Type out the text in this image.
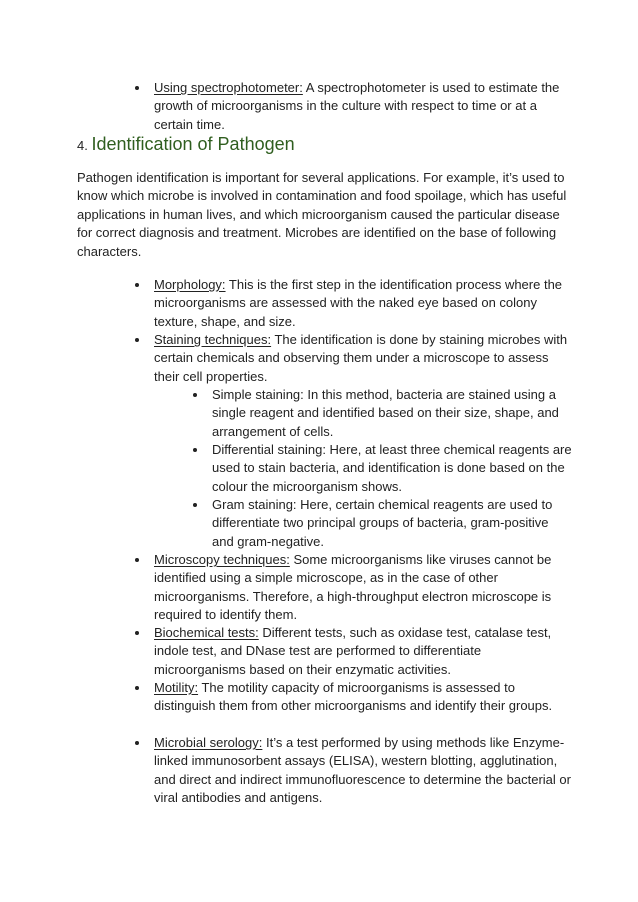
Using spectrophotometer: A spectrophotometer is used to estimate the growth of microorganisms in the culture with respect to time or at a certain time.
4. Identification of Pathogen
Pathogen identification is important for several applications. For example, it’s used to know which microbe is involved in contamination and food spoilage, which has useful applications in human lives, and which microorganism caused the particular disease for correct diagnosis and treatment. Microbes are identified on the base of following characters.
Morphology: This is the first step in the identification process where the microorganisms are assessed with the naked eye based on colony texture, shape, and size.
Staining techniques: The identification is done by staining microbes with certain chemicals and observing them under a microscope to assess their cell properties.
Simple staining: In this method, bacteria are stained using a single reagent and identified based on their size, shape, and arrangement of cells.
Differential staining: Here, at least three chemical reagents are used to stain bacteria, and identification is done based on the colour the microorganism shows.
Gram staining: Here, certain chemical reagents are used to differentiate two principal groups of bacteria, gram-positive and gram-negative.
Microscopy techniques: Some microorganisms like viruses cannot be identified using a simple microscope, as in the case of other microorganisms. Therefore, a high-throughput electron microscope is required to identify them.
Biochemical tests: Different tests, such as oxidase test, catalase test, indole test, and DNase test are performed to differentiate microorganisms based on their enzymatic activities.
Motility: The motility capacity of microorganisms is assessed to distinguish them from other microorganisms and identify their groups.
Microbial serology: It’s a test performed by using methods like Enzyme-linked immunosorbent assays (ELISA), western blotting, agglutination, and direct and indirect immunofluorescence to determine the bacterial or viral antibodies and antigens.
